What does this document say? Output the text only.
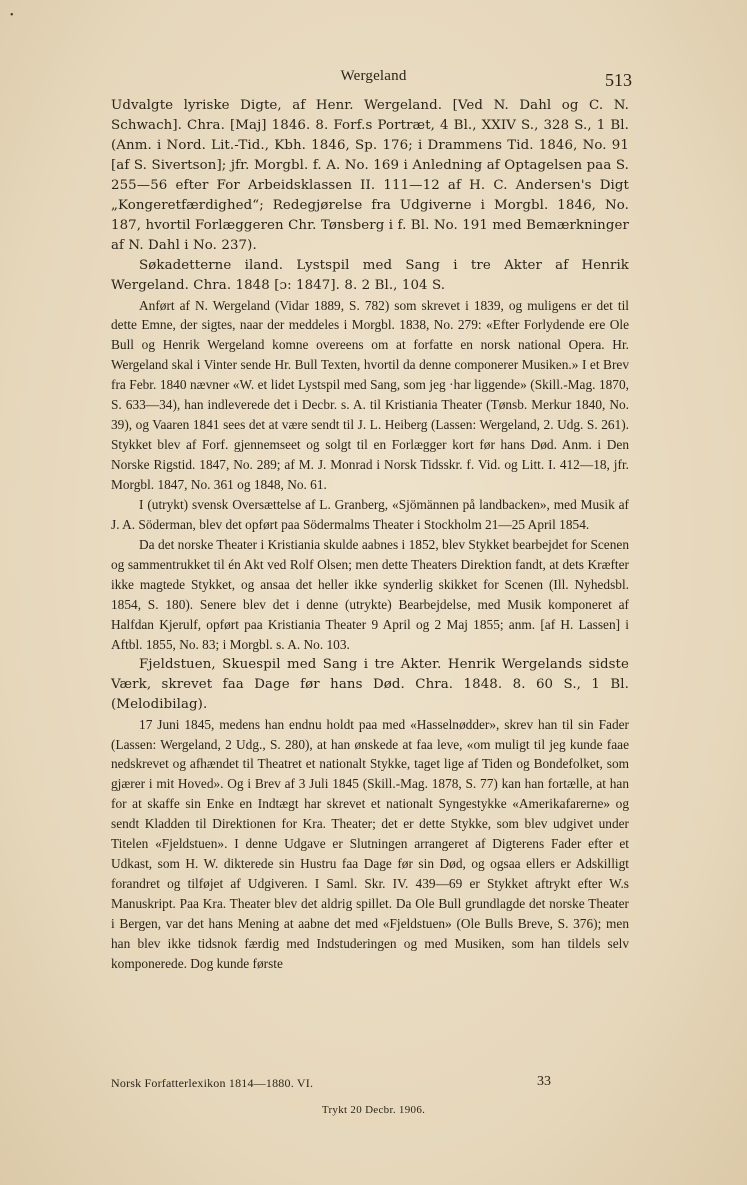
•
Wergeland	513

Udvalgte lyriske Digte, af Henr. Wergeland. [Ved N. Dahl og C. N. Schwach]. Chra. [Maj] 1846. 8. Forf.s Portræt, 4 Bl., XXIV S., 328 S., 1 Bl. (Anm. i Nord. Lit.-Tid., Kbh. 1846, Sp. 176; i Drammens Tid. 1846, No. 91 [af S. Sivertson]; jfr. Morgbl. f. A. No. 169 i Anledning af Optagelsen paa S. 255—56 efter For Arbeidsklassen II. 111—12 af H. C. Andersen's Digt „Kongeretfærdighed“; Redegjørelse fra Udgiverne i Morgbl. 1846, No. 187, hvortil Forlæggeren Chr. Tønsberg i f. Bl. No. 191 med Bemærkninger af N. Dahl i No. 237).

Søkadetterne iland. Lystspil med Sang i tre Akter af Henrik Wergeland. Chra. 1848 [ɔ: 1847]. 8. 2 Bl., 104 S.

Anført af N. Wergeland (Vidar 1889, S. 782) som skrevet i 1839, og muligens er det til dette Emne, der sigtes, naar der meddeles i Morgbl. 1838, No. 279: «Efter Forlydende ere Ole Bull og Henrik Wergeland komne overeens om at forfatte en norsk national Opera. Hr. Wergeland skal i Vinter sende Hr. Bull Texten, hvortil da denne componerer Musiken.» I et Brev fra Febr. 1840 nævner «W. et lidet Lystspil med Sang, som jeg ·har liggende» (Skill.-Mag. 1870, S. 633—34), han indleverede det i Decbr. s. A. til Kristiania Theater (Tønsb. Merkur 1840, No. 39), og Vaaren 1841 sees det at være sendt til J. L. Heiberg (Lassen: Wergeland, 2. Udg. S. 261). Stykket blev af Forf. gjennemseet og solgt til en Forlægger kort før hans Død. Anm. i Den Norske Rigstid. 1847, No. 289; af M. J. Monrad i Norsk Tidsskr. f. Vid. og Litt. I. 412—18, jfr. Morgbl. 1847, No. 361 og 1848, No. 61.

I (utrykt) svensk Oversættelse af L. Granberg, «Sjömännen på landbacken», med Musik af J. A. Söderman, blev det opført paa Södermalms Theater i Stockholm 21—25 April 1854.

Da det norske Theater i Kristiania skulde aabnes i 1852, blev Stykket bearbejdet for Scenen og sammentrukket til én Akt ved Rolf Olsen; men dette Theaters Direktion fandt, at dets Kræfter ikke magtede Stykket, og ansaa det heller ikke synderlig skikket for Scenen (Ill. Nyhedsbl. 1854, S. 180). Senere blev det i denne (utrykte) Bearbejdelse, med Musik komponeret af Halfdan Kjerulf, opført paa Kristiania Theater 9 April og 2 Maj 1855; anm. [af H. Lassen] i Aftbl. 1855, No. 83; i Morgbl. s. A. No. 103.

Fjeldstuen, Skuespil med Sang i tre Akter. Henrik Wergelands sidste Værk, skrevet faa Dage før hans Død. Chra. 1848. 8. 60 S., 1 Bl. (Melodibilag).

17 Juni 1845, medens han endnu holdt paa med «Hasselnødder», skrev han til sin Fader (Lassen: Wergeland, 2 Udg., S. 280), at han ønskede at faa leve, «om muligt til jeg kunde faae nedskrevet og afhændet til Theatret et nationalt Stykke, taget lige af Tiden og Bondefolket, som gjærer i mit Hoved». Og i Brev af 3 Juli 1845 (Skill.-Mag. 1878, S. 77) kan han fortælle, at han for at skaffe sin Enke en Indtægt har skrevet et nationalt Syngestykke «Amerikafarerne» og sendt Kladden til Direktionen for Kra. Theater; det er dette Stykke, som blev udgivet under Titelen «Fjeldstuen». I denne Udgave er Slutningen arrangeret af Digterens Fader efter et Udkast, som H. W. dikterede sin Hustru faa Dage før sin Død, og ogsaa ellers er Adskilligt forandret og tilføjet af Udgiveren. I Saml. Skr. IV. 439—69 er Stykket aftrykt efter W.s Manuskript. Paa Kra. Theater blev det aldrig spillet. Da Ole Bull grundlagde det norske Theater i Bergen, var det hans Mening at aabne det med «Fjeldstuen» (Ole Bulls Breve, S. 376); men han blev ikke tidsnok færdig med Indstuderingen og med Musiken, som han tildels selv komponerede. Dog kunde første

Norsk Forfatterlexikon 1814—1880. VI.	33
Trykt 20 Decbr. 1906.
